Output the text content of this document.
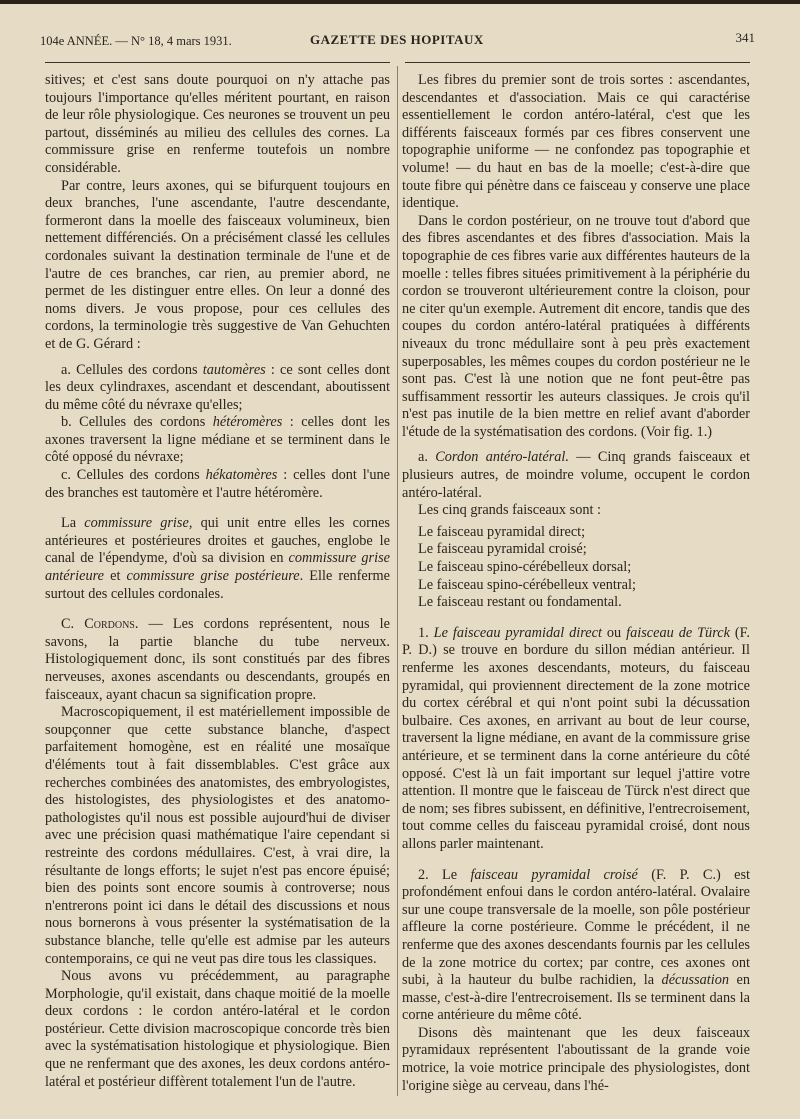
104e ANNÉE. — N° 18, 4 mars 1931.	GAZETTE DES HOPITAUX	341

sitives; et c'est sans doute pourquoi on n'y attache pas toujours l'importance qu'elles méritent pourtant, en raison de leur rôle physiologique. Ces neurones se trouvent un peu partout, disséminés au milieu des cellules des cornes. La commissure grise en renferme toutefois un nombre considérable.

Par contre, leurs axones, qui se bifurquent toujours en deux branches, l'une ascendante, l'autre descendante, formeront dans la moelle des faisceaux volumineux, bien nettement différenciés. On a précisément classé les cellules cordonales suivant la destination terminale de l'une et de l'autre de ces branches, car rien, au premier abord, ne permet de les distinguer entre elles. On leur a donné des noms divers. Je vous propose, pour ces cellules des cordons, la terminologie très suggestive de Van Gehuchten et de G. Gérard :

a. Cellules des cordons tautomères : ce sont celles dont les deux cylindraxes, ascendant et descendant, aboutissent du même côté du névraxe qu'elles;

b. Cellules des cordons hétéromères : celles dont les axones traversent la ligne médiane et se terminent dans le côté opposé du névraxe;

c. Cellules des cordons hékatomères : celles dont l'une des branches est tautomère et l'autre hétéromère.

La commissure grise, qui unit entre elles les cornes antérieures et postérieures droites et gauches, englobe le canal de l'épendyme, d'où sa division en commissure grise antérieure et commissure grise postérieure. Elle renferme surtout des cellules cordonales.

C. Cordons. — Les cordons représentent, nous le savons, la partie blanche du tube nerveux. Histologiquement donc, ils sont constitués par des fibres nerveuses, axones ascendants ou descendants, groupés en faisceaux, ayant chacun sa signification propre.

Macroscopiquement, il est matériellement impossible de soupçonner que cette substance blanche, d'aspect parfaitement homogène, est en réalité une mosaïque d'éléments tout à fait dissemblables. C'est grâce aux recherches combinées des anatomistes, des embryologistes, des histologistes, des physiologistes et des anatomo-pathologistes qu'il nous est possible aujourd'hui de diviser avec une précision quasi mathématique l'aire cependant si restreinte des cordons médullaires. C'est, à vrai dire, la résultante de longs efforts; le sujet n'est pas encore épuisé; bien des points sont encore soumis à controverse; nous n'entrerons point ici dans le détail des discussions et nous nous bornerons à vous présenter la systématisation de la substance blanche, telle qu'elle est admise par les auteurs contemporains, ce qui ne veut pas dire tous les classiques.

Nous avons vu précédemment, au paragraphe Morphologie, qu'il existait, dans chaque moitié de la moelle deux cordons : le cordon antéro-latéral et le cordon postérieur. Cette division macroscopique concorde très bien avec la systématisation histologique et physiologique. Bien que ne renfermant que des axones, les deux cordons antéro-latéral et postérieur diffèrent totalement l'un de l'autre.

Les fibres du premier sont de trois sortes : ascendantes, descendantes et d'association. Mais ce qui caractérise essentiellement le cordon antéro-latéral, c'est que les différents faisceaux formés par ces fibres conservent une topographie uniforme — ne confondez pas topographie et volume! — du haut en bas de la moelle; c'est-à-dire que toute fibre qui pénètre dans ce faisceau y conserve une place identique.

Dans le cordon postérieur, on ne trouve tout d'abord que des fibres ascendantes et des fibres d'association. Mais la topographie de ces fibres varie aux différentes hauteurs de la moelle : telles fibres situées primitivement à la périphérie du cordon se trouveront ultérieurement contre la cloison, pour ne citer qu'un exemple. Autrement dit encore, tandis que des coupes du cordon antéro-latéral pratiquées à différents niveaux du tronc médullaire sont à peu près exactement superposables, les mêmes coupes du cordon postérieur ne le sont pas. C'est là une notion que ne font peut-être pas suffisamment ressortir les auteurs classiques. Je crois qu'il n'est pas inutile de la bien mettre en relief avant d'aborder l'étude de la systématisation des cordons. (Voir fig. 1.)

a. Cordon antéro-latéral. — Cinq grands faisceaux et plusieurs autres, de moindre volume, occupent le cordon antéro-latéral.

Les cinq grands faisceaux sont :

Le faisceau pyramidal direct;

Le faisceau pyramidal croisé;

Le faisceau spino-cérébelleux dorsal;

Le faisceau spino-cérébelleux ventral;

Le faisceau restant ou fondamental.

1. Le faisceau pyramidal direct ou faisceau de Türck (F. P. D.) se trouve en bordure du sillon médian antérieur. Il renferme les axones descendants, moteurs, du faisceau pyramidal, qui proviennent directement de la zone motrice du cortex cérébral et qui n'ont point subi la décussation bulbaire. Ces axones, en arrivant au bout de leur course, traversent la ligne médiane, en avant de la commissure grise antérieure, et se terminent dans la corne antérieure du côté opposé. C'est là un fait important sur lequel j'attire votre attention. Il montre que le faisceau de Türck n'est direct que de nom; ses fibres subissent, en définitive, l'entrecroisement, tout comme celles du faisceau pyramidal croisé, dont nous allons parler maintenant.

2. Le faisceau pyramidal croisé (F. P. C.) est profondément enfoui dans le cordon antéro-latéral. Ovalaire sur une coupe transversale de la moelle, son pôle postérieur affleure la corne postérieure. Comme le précédent, il ne renferme que des axones descendants fournis par les cellules de la zone motrice du cortex; par contre, ces axones ont subi, à la hauteur du bulbe rachidien, la décussation en masse, c'est-à-dire l'entrecroisement. Ils se terminent dans la corne antérieure du même côté.

Disons dès maintenant que les deux faisceaux pyramidaux représentent l'aboutissant de la grande voie motrice, la voie motrice principale des physiologistes, dont l'origine siège au cerveau, dans l'hé-
